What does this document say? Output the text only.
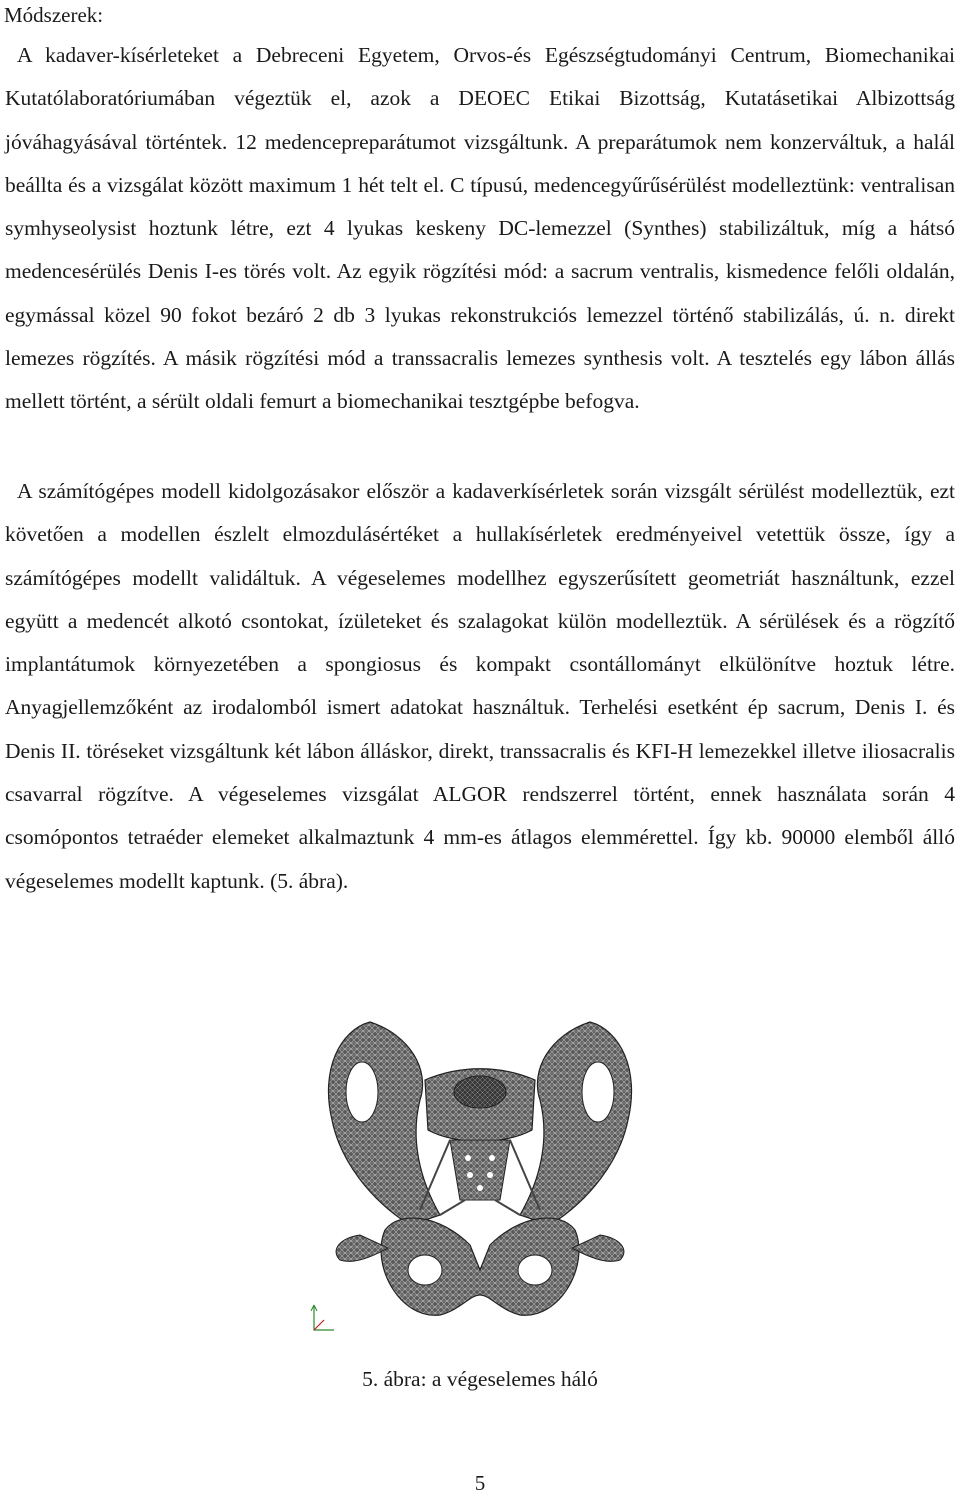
Módszerek:
A kadaver-kísérleteket a Debreceni Egyetem, Orvos-és Egészségtudományi Centrum, Biomechanikai Kutatólaboratóriumában végeztük el, azok a DEOEC Etikai Bizottság, Kutatásetikai Albizottság jóváhagyásával történtek. 12 medencepreparátumot vizsgáltunk. A preparátumok nem konzerváltuk, a halál beállta és a vizsgálat között maximum 1 hét telt el. C típusú, medencegyűrűsérülést modelleztünk: ventralisan symhyseolysist hoztunk létre, ezt 4 lyukas keskeny DC-lemezzel (Synthes) stabilizáltuk, míg a hátsó medencesérülés Denis I-es törés volt. Az egyik rögzítési mód: a sacrum ventralis, kismedence felőli oldalán, egymással közel 90 fokot bezáró 2 db 3 lyukas rekonstrukciós lemezzel történő stabilizálás, ú. n. direkt lemezes rögzítés. A másik rögzítési mód a transsacralis lemezes synthesis volt. A tesztelés egy lábon állás mellett történt, a sérült oldali femurt a biomechanikai tesztgépbe befogva.
A számítógépes modell kidolgozásakor először a kadaverkísérletek során vizsgált sérülést modelleztük, ezt követően a modellen észlelt elmozdulásértéket a hullakísérletek eredményeivel vetettük össze, így a számítógépes modellt validáltuk. A végeselemes modellhez egyszerűsített geometriát használtunk, ezzel együtt a medencét alkotó csontokat, ízületeket és szalagokat külön modelleztük. A sérülések és a rögzítő implantátumok környezetében a spongiosus és kompakt csontállományt elkülönítve hoztuk létre. Anyagjellemzőként az irodalomból ismert adatokat használtuk. Terhelési esetként ép sacrum, Denis I. és Denis II. töréseket vizsgáltunk két lábon álláskor, direkt, transsacralis és KFI-H lemezekkel illetve iliosacralis csavarral rögzítve. A végeselemes vizsgálat ALGOR rendszerrel történt, ennek használata során 4 csomópontos tetraéder elemeket alkalmaztunk 4 mm-es átlagos elemmérettel. Így kb. 90000 elemből álló végeselemes modellt kaptunk. (5. ábra).
5. ábra: a végeselemes háló
5
